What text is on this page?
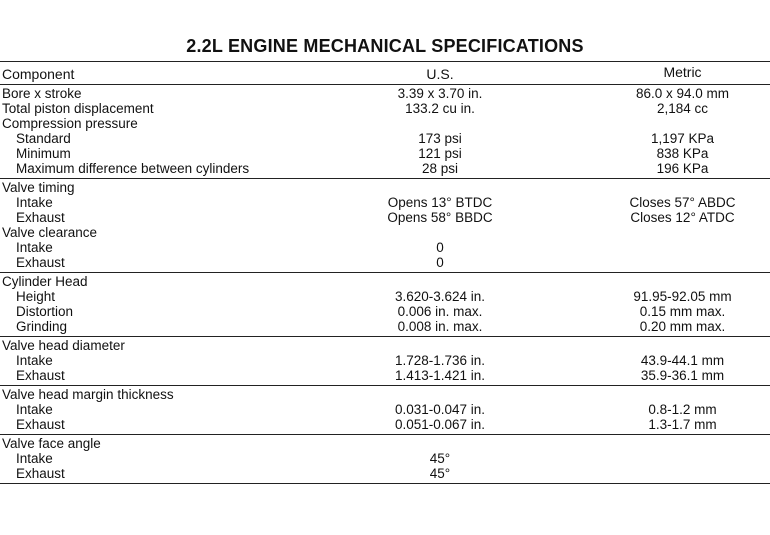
2.2L ENGINE MECHANICAL SPECIFICATIONS
Component	U.S.	Metric
Bore x stroke	3.39 x 3.70 in.	86.0 x 94.0 mm
Total piston displacement	133.2 cu in.	2,184 cc
Compression pressure
Standard	173 psi	1,197 KPa
Minimum	121 psi	838 KPa
Maximum difference between cylinders	28 psi	196 KPa
Valve timing
Intake	Opens 13° BTDC	Closes 57° ABDC
Exhaust	Opens 58° BBDC	Closes 12° ATDC
Valve clearance
Intake	0
Exhaust	0
Cylinder Head
Height	3.620-3.624 in.	91.95-92.05 mm
Distortion	0.006 in. max.	0.15 mm max.
Grinding	0.008 in. max.	0.20 mm max.
Valve head diameter
Intake	1.728-1.736 in.	43.9-44.1 mm
Exhaust	1.413-1.421 in.	35.9-36.1 mm
Valve head margin thickness
Intake	0.031-0.047 in.	0.8-1.2 mm
Exhaust	0.051-0.067 in.	1.3-1.7 mm
Valve face angle
Intake	45°
Exhaust	45°
